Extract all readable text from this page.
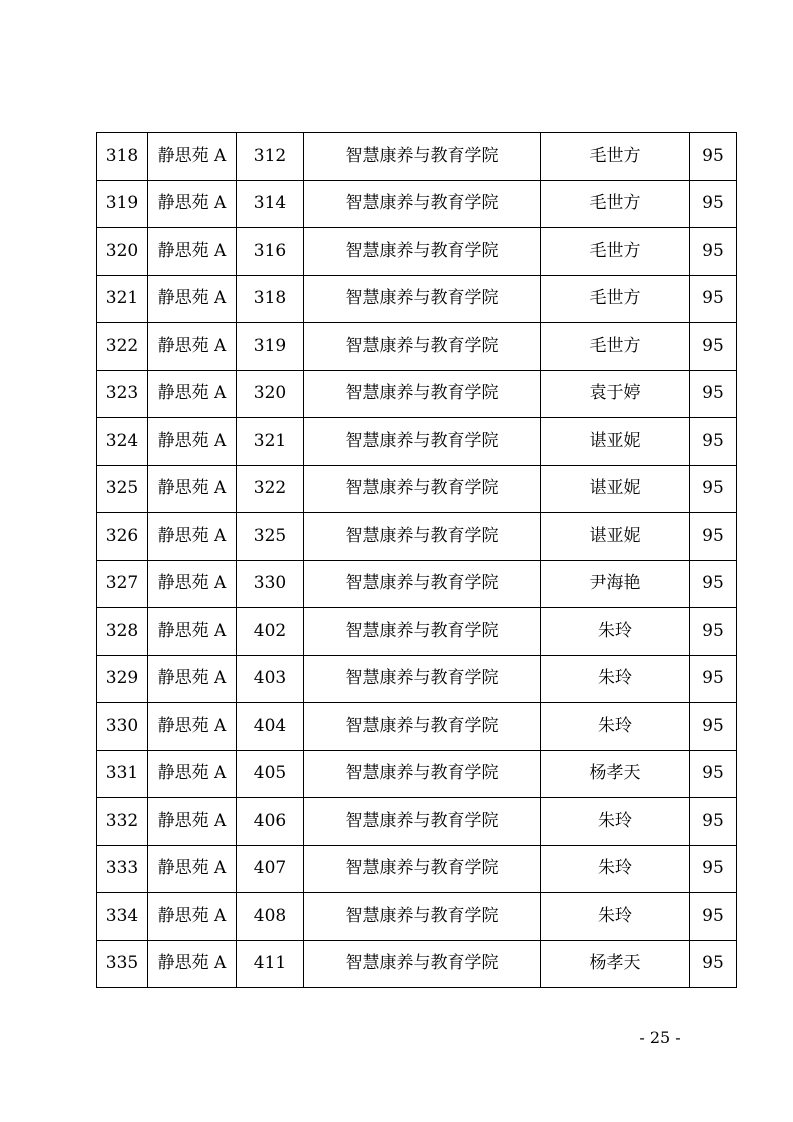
318	静思苑 A	312	智慧康养与教育学院	毛世方	95
319	静思苑 A	314	智慧康养与教育学院	毛世方	95
320	静思苑 A	316	智慧康养与教育学院	毛世方	95
321	静思苑 A	318	智慧康养与教育学院	毛世方	95
322	静思苑 A	319	智慧康养与教育学院	毛世方	95
323	静思苑 A	320	智慧康养与教育学院	袁于婷	95
324	静思苑 A	321	智慧康养与教育学院	谌亚妮	95
325	静思苑 A	322	智慧康养与教育学院	谌亚妮	95
326	静思苑 A	325	智慧康养与教育学院	谌亚妮	95
327	静思苑 A	330	智慧康养与教育学院	尹海艳	95
328	静思苑 A	402	智慧康养与教育学院	朱玲	95
329	静思苑 A	403	智慧康养与教育学院	朱玲	95
330	静思苑 A	404	智慧康养与教育学院	朱玲	95
331	静思苑 A	405	智慧康养与教育学院	杨孝天	95
332	静思苑 A	406	智慧康养与教育学院	朱玲	95
333	静思苑 A	407	智慧康养与教育学院	朱玲	95
334	静思苑 A	408	智慧康养与教育学院	朱玲	95
335	静思苑 A	411	智慧康养与教育学院	杨孝天	95
- 25 -
